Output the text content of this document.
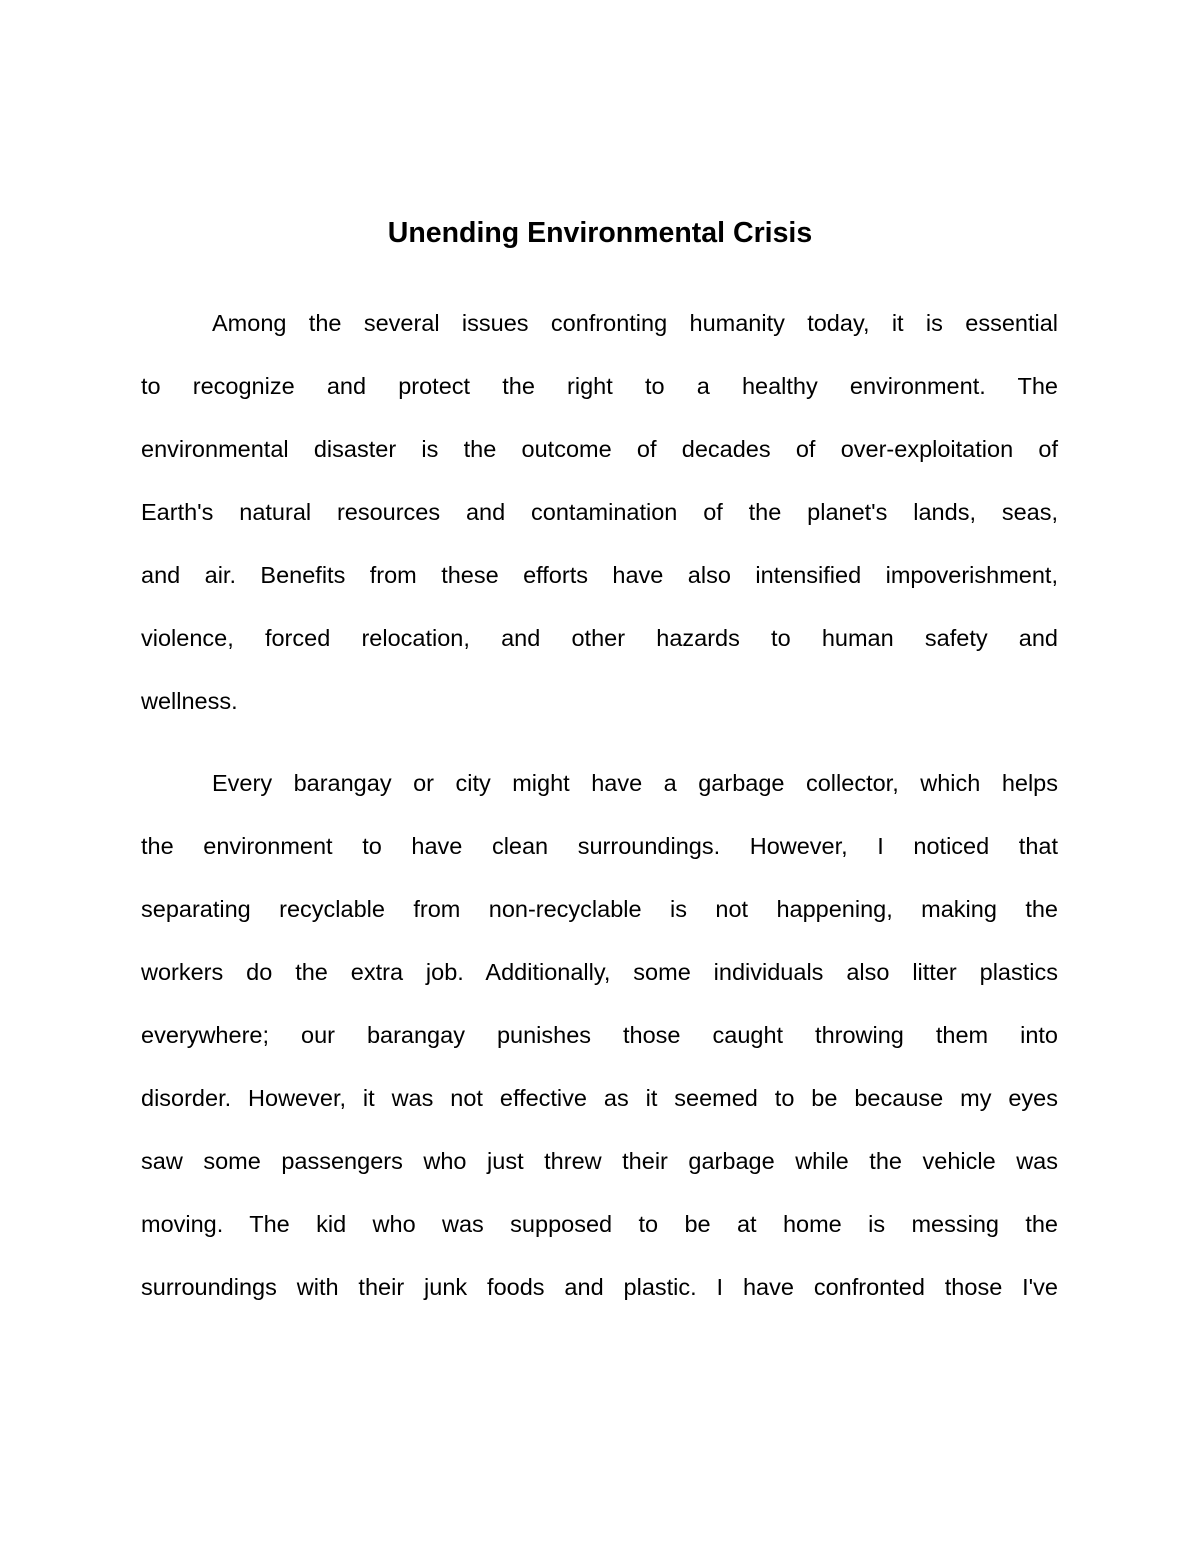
Unending Environmental Crisis

Among the several issues confronting humanity today, it is essential
to recognize and protect the right to a healthy environment. The
environmental disaster is the outcome of decades of over-exploitation of
Earth's natural resources and contamination of the planet's lands, seas,
and air. Benefits from these efforts have also intensified impoverishment,
violence, forced relocation, and other hazards to human safety and
wellness.

Every barangay or city might have a garbage collector, which helps
the environment to have clean surroundings. However, I noticed that
separating recyclable from non-recyclable is not happening, making the
workers do the extra job. Additionally, some individuals also litter plastics
everywhere; our barangay punishes those caught throwing them into
disorder. However, it was not effective as it seemed to be because my eyes
saw some passengers who just threw their garbage while the vehicle was
moving. The kid who was supposed to be at home is messing the
surroundings with their junk foods and plastic. I have confronted those I've
